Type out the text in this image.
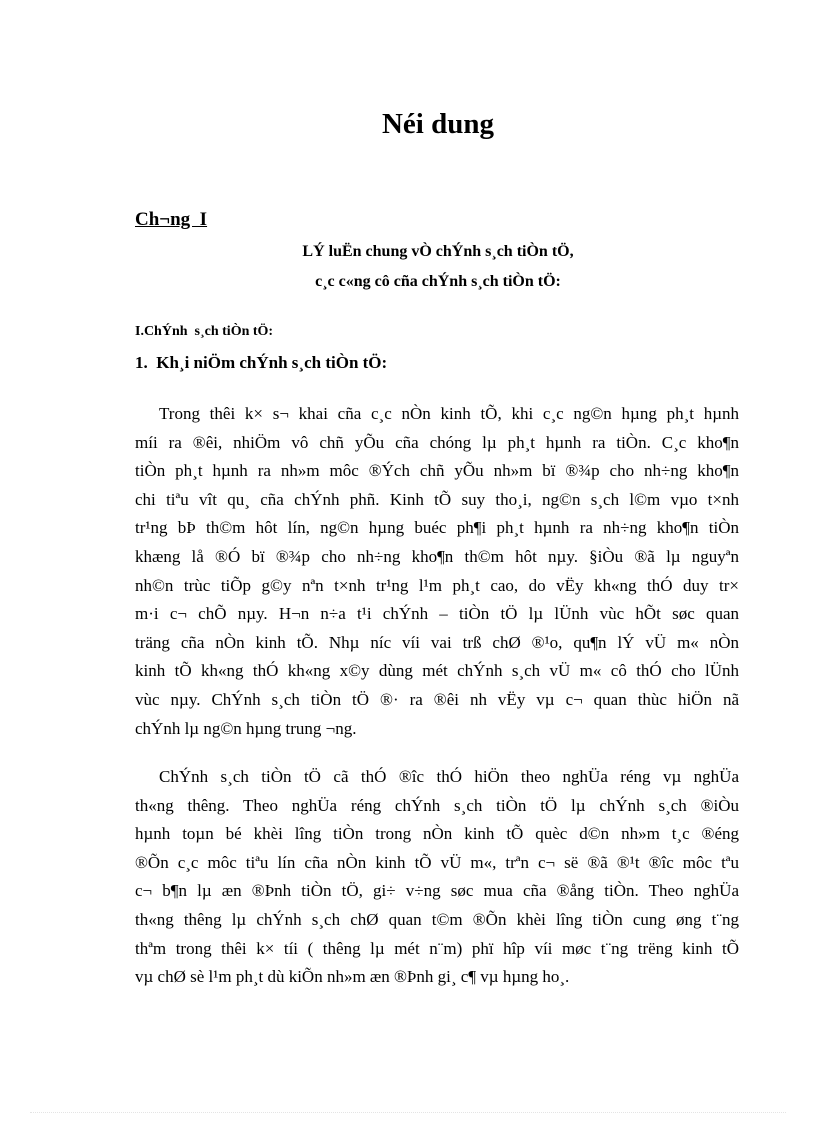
Néi dung
Ch¬ng  I
LÝ luËn chung vÒ chÝnh s¸ch tiÒn tÖ,
c¸c c«ng cô cña chÝnh s¸ch tiÒn tÖ:
I.ChÝnh  s¸ch tiÒn tÖ:
1.  Kh¸i niÖm chÝnh s¸ch tiÒn tÖ:
Trong thêi k× s¬ khai cña c¸c nÒn kinh tÕ, khi c¸c ng©n hµng ph¸t hµnh
míi ra ®êi, nhiÖm vô chñ yÕu cña chóng lµ ph¸t hµnh ra tiÒn. C¸c kho¶n
tiÒn ph¸t hµnh ra nh»m môc ®Ých chñ yÕu nh»m bï ®¾p cho nh÷ng kho¶n
chi tiªu vît qu¸ cña chÝnh phñ. Kinh tÕ suy tho¸i, ng©n s¸ch l©m vµo t×nh
tr¹ng bÞ th©m hôt lín, ng©n hµng buéc ph¶i ph¸t hµnh ra nh÷ng kho¶n tiÒn
khæng lå ®Ó bï ®¾p cho nh÷ng kho¶n th©m hôt nµy. §iÒu ®ã lµ nguyªn
nh©n trùc tiÕp g©y nªn t×nh tr¹ng l¹m ph¸t cao, do vËy kh«ng thÓ duy tr×
m·i c¬ chÕ nµy. H¬n n÷a t¹i chÝnh – tiÒn tÖ lµ lÜnh vùc hÕt søc quan
träng cña nÒn kinh tÕ. Nhµ níc víi vai trß chØ ®¹o, qu¶n lÝ vÜ m« nÒn
kinh tÕ kh«ng thÓ kh«ng x©y dùng mét chÝnh s¸ch vÜ m« cô thÓ cho lÜnh
vùc nµy. ChÝnh s¸ch tiÒn tÖ ®· ra ®êi nh vËy vµ c¬ quan thùc hiÖn nã
chÝnh lµ ng©n hµng trung ¬ng.
ChÝnh s¸ch tiÒn tÖ cã thÓ ®îc thÓ hiÖn theo nghÜa réng vµ nghÜa
th«ng thêng. Theo nghÜa réng chÝnh s¸ch tiÒn tÖ lµ chÝnh s¸ch ®iÒu
hµnh toµn bé khèi lîng tiÒn trong nÒn kinh tÕ quèc d©n nh»m t¸c ®éng
®Õn c¸c môc tiªu lín cña nÒn kinh tÕ vÜ m«, trªn c¬ së ®ã ®¹t ®îc môc tªu
c¬ b¶n lµ æn ®Þnh tiÒn tÖ, gi÷ v÷ng søc mua cña ®ång tiÒn. Theo nghÜa
th«ng thêng lµ chÝnh s¸ch chØ quan t©m ®Õn khèi lîng tiÒn cung øng t¨ng
thªm trong thêi k× tíi ( thêng lµ mét n¨m) phï hîp víi møc t¨ng trëng kinh tÕ
vµ chØ sè l¹m ph¸t dù kiÕn nh»m æn ®Þnh gi¸ c¶ vµ hµng ho¸.
